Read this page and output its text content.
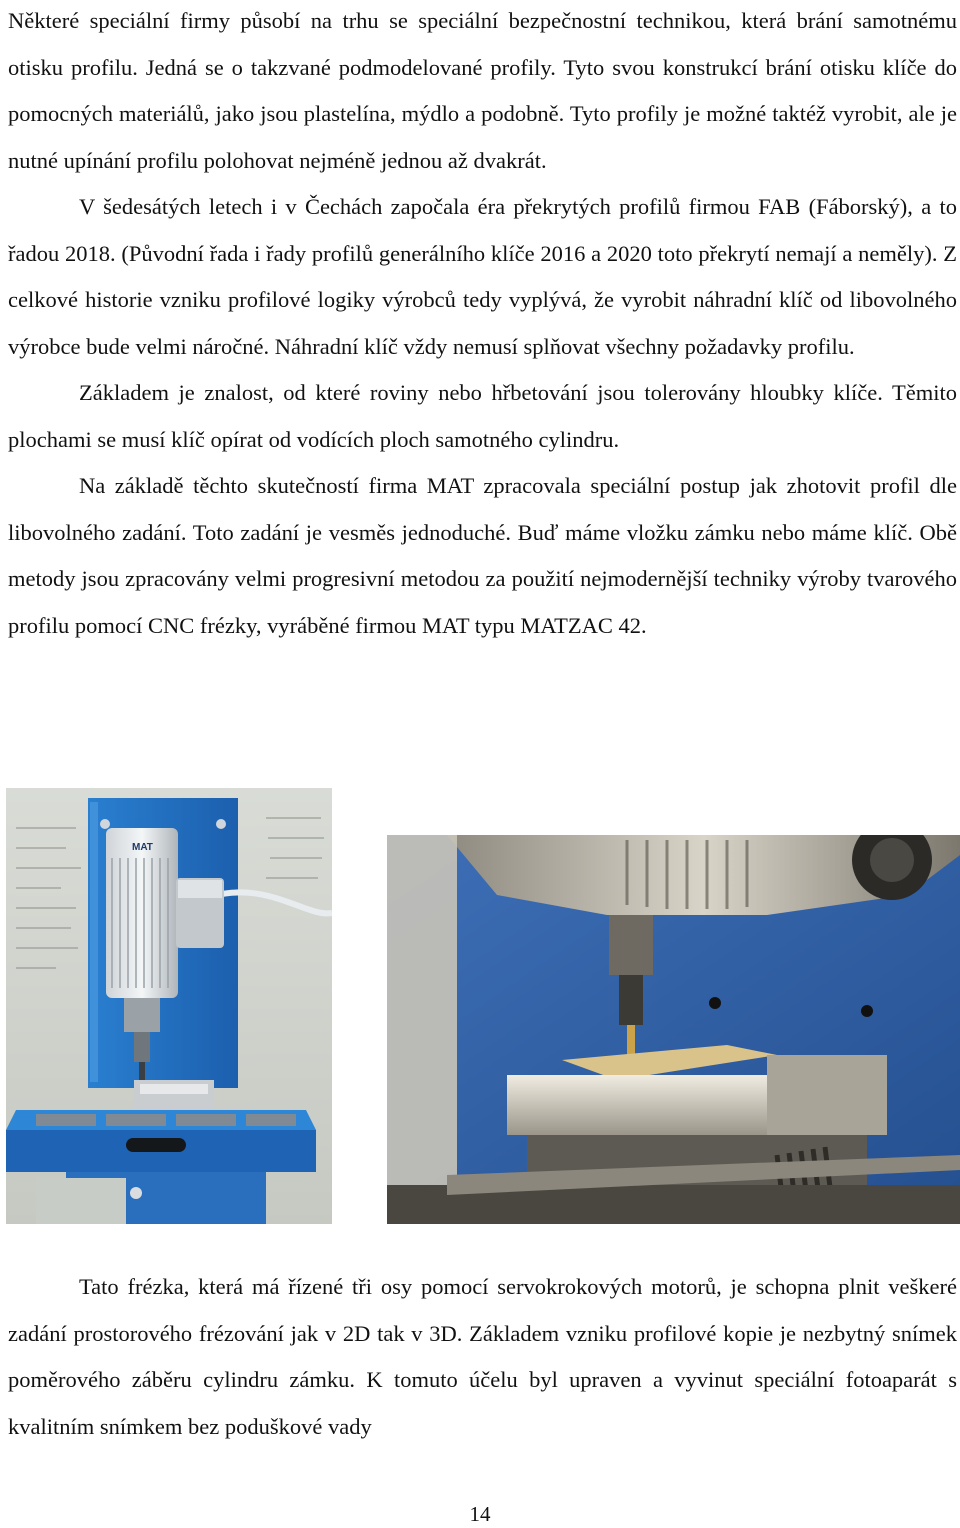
Některé speciální firmy působí na trhu se speciální bezpečnostní technikou, která brání samotnému otisku profilu. Jedná se o takzvané podmodelované profily. Tyto svou konstrukcí brání otisku klíče do pomocných materiálů, jako jsou plastelína, mýdlo a podobně. Tyto profily je možné taktéž vyrobit, ale je nutné upínání profilu polohovat nejméně jednou až dvakrát.

V šedesátých letech i v Čechách započala éra překrytých profilů firmou FAB (Fáborský), a to řadou 2018. (Původní řada i řady profilů generálního klíče 2016 a 2020 toto překrytí nemají a neměly). Z celkové historie vzniku profilové logiky výrobců tedy vyplývá, že vyrobit náhradní klíč od libovolného výrobce bude velmi náročné. Náhradní klíč vždy nemusí splňovat všechny požadavky profilu.

Základem je znalost, od které roviny nebo hřbetování jsou tolerovány hloubky klíče. Těmito plochami se musí klíč opírat od vodících ploch samotného cylindru.

Na základě těchto skutečností firma MAT zpracovala speciální postup jak zhotovit profil dle libovolného zadání. Toto zadání je vesměs jednoduché. Buď máme vložku zámku nebo máme klíč. Obě metody jsou zpracovány velmi progresivní metodou za použití nejmodernější techniky výroby tvarového profilu pomocí CNC frézky, vyráběné firmou MAT typu MATZAC 42.

MAT

Tato frézka, která má řízené tři osy pomocí servokrokových motorů, je schopna plnit veškeré zadání prostorového frézování jak v 2D tak v 3D. Základem vzniku profilové kopie je nezbytný snímek poměrového záběru cylindru zámku. K tomuto účelu byl upraven a vyvinut speciální fotoaparát s kvalitním snímkem bez poduškové vady

14
